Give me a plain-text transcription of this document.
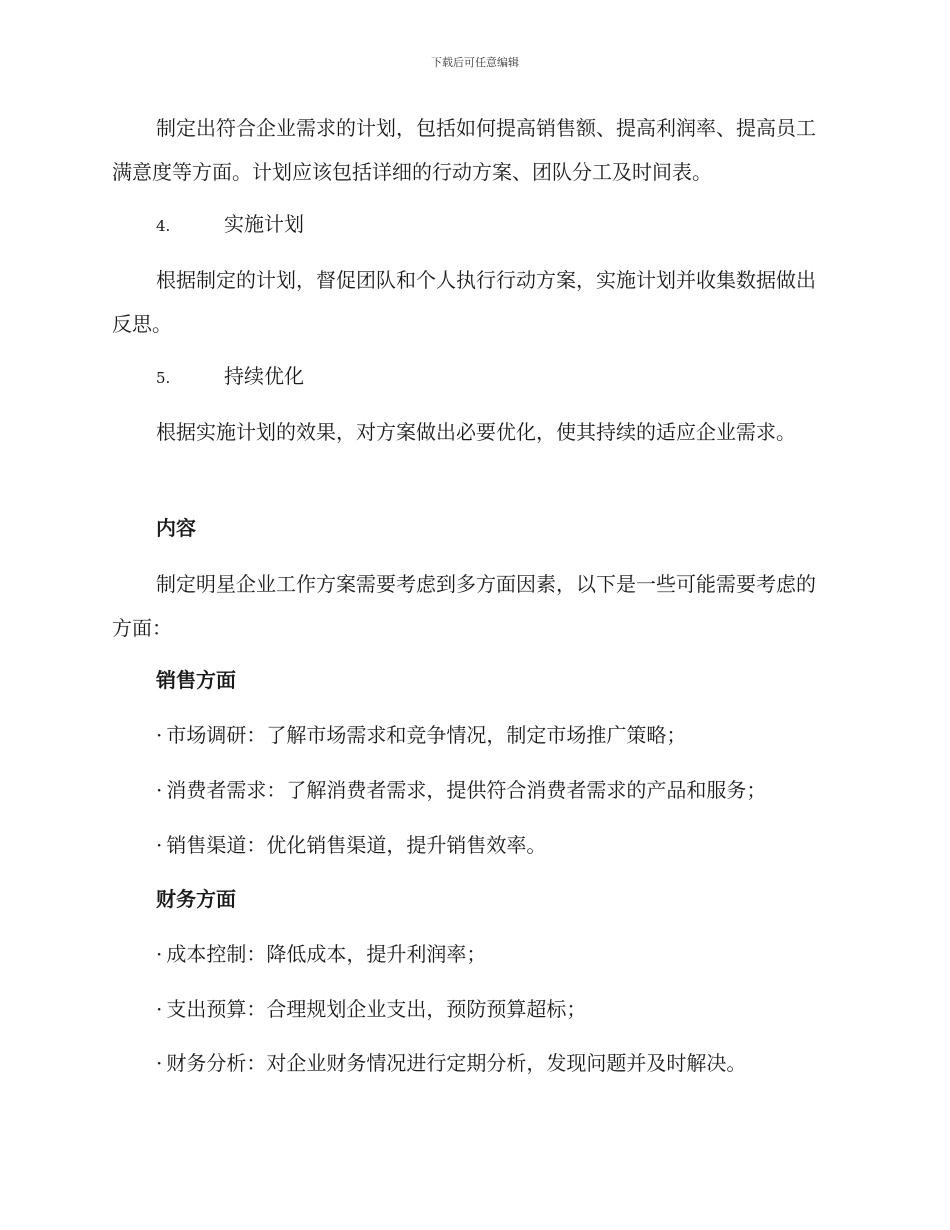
下载后可任意编辑

制定出符合企业需求的计划，包括如何提高销售额、提高利润率、提高员工满意度等方面。计划应该包括详细的行动方案、团队分工及时间表。

4.	实施计划

根据制定的计划，督促团队和个人执行行动方案，实施计划并收集数据做出反思。

5.	持续优化

根据实施计划的效果，对方案做出必要优化，使其持续的适应企业需求。

内容

制定明星企业工作方案需要考虑到多方面因素，以下是一些可能需要考虑的方面：

销售方面
· 市场调研：了解市场需求和竞争情况，制定市场推广策略；
· 消费者需求：了解消费者需求，提供符合消费者需求的产品和服务；
· 销售渠道：优化销售渠道，提升销售效率。
财务方面
· 成本控制：降低成本，提升利润率；
· 支出预算：合理规划企业支出，预防预算超标；
· 财务分析：对企业财务情况进行定期分析，发现问题并及时解决。
